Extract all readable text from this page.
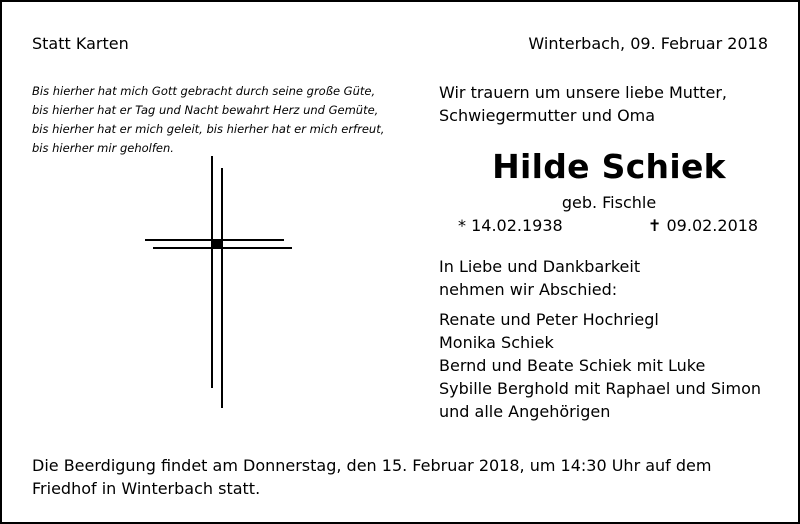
Statt Karten	Winterbach, 09. Februar 2018
Bis hierher hat mich Gott gebracht durch seine große Güte,
bis hierher hat er Tag und Nacht bewahrt Herz und Gemüte,
bis hierher hat er mich geleit, bis hierher hat er mich erfreut,
bis hierher mir geholfen.
Wir trauern um unsere liebe Mutter,
Schwiegermutter und Oma
Hilde Schiek
geb. Fischle
* 14.02.1938	✝ 09.02.2018
In Liebe und Dankbarkeit
nehmen wir Abschied:
Renate und Peter Hochriegl
Monika Schiek
Bernd und Beate Schiek mit Luke
Sybille Berghold mit Raphael und Simon
und alle Angehörigen
Die Beerdigung findet am Donnerstag, den 15. Februar 2018, um 14:30 Uhr auf dem Friedhof in Winterbach statt.
